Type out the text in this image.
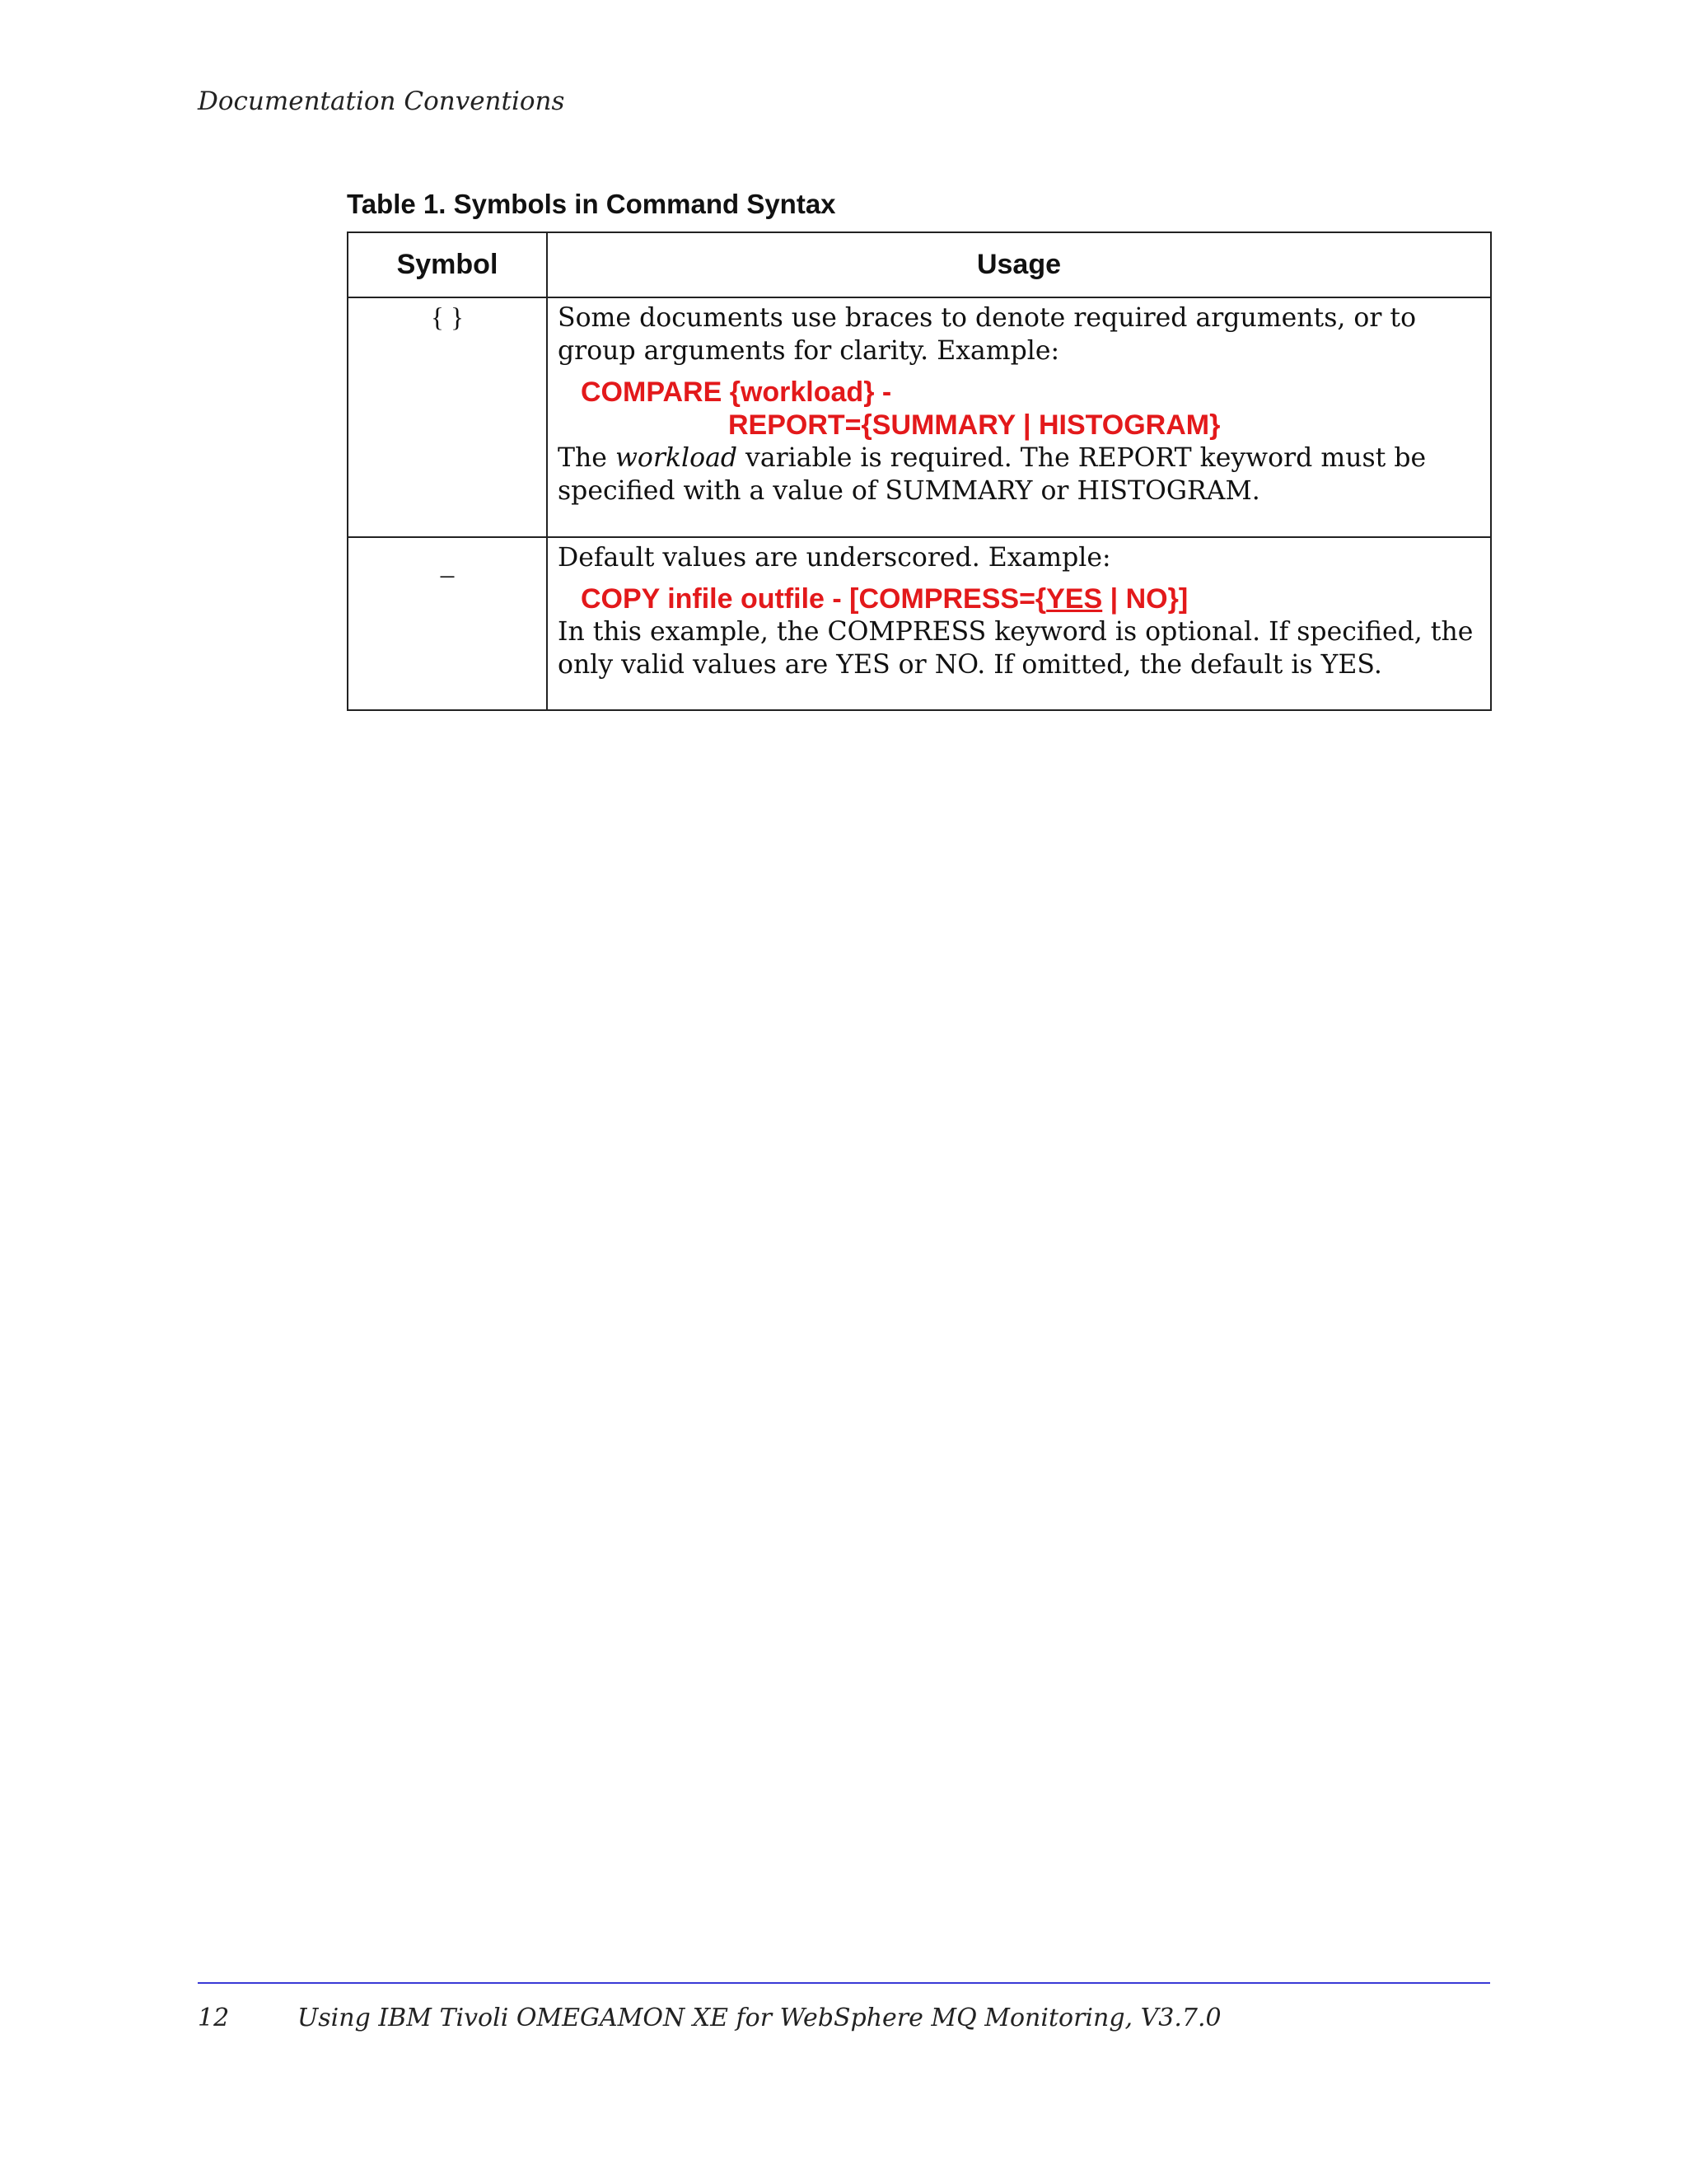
Documentation Conventions
Table 1. Symbols in Command Syntax
Symbol	Usage
{ }	Some documents use braces to denote required arguments, or to group arguments for clarity. Example:
COMPARE {workload} -
REPORT={SUMMARY | HISTOGRAM}
The workload variable is required. The REPORT keyword must be specified with a value of SUMMARY or HISTOGRAM.

_	Default values are underscored. Example:
COPY infile outfile - [COMPRESS={YES | NO}]
In this example, the COMPRESS keyword is optional. If specified, the only valid values are YES or NO. If omitted, the default is YES.
12	Using IBM Tivoli OMEGAMON XE for WebSphere MQ Monitoring, V3.7.0
